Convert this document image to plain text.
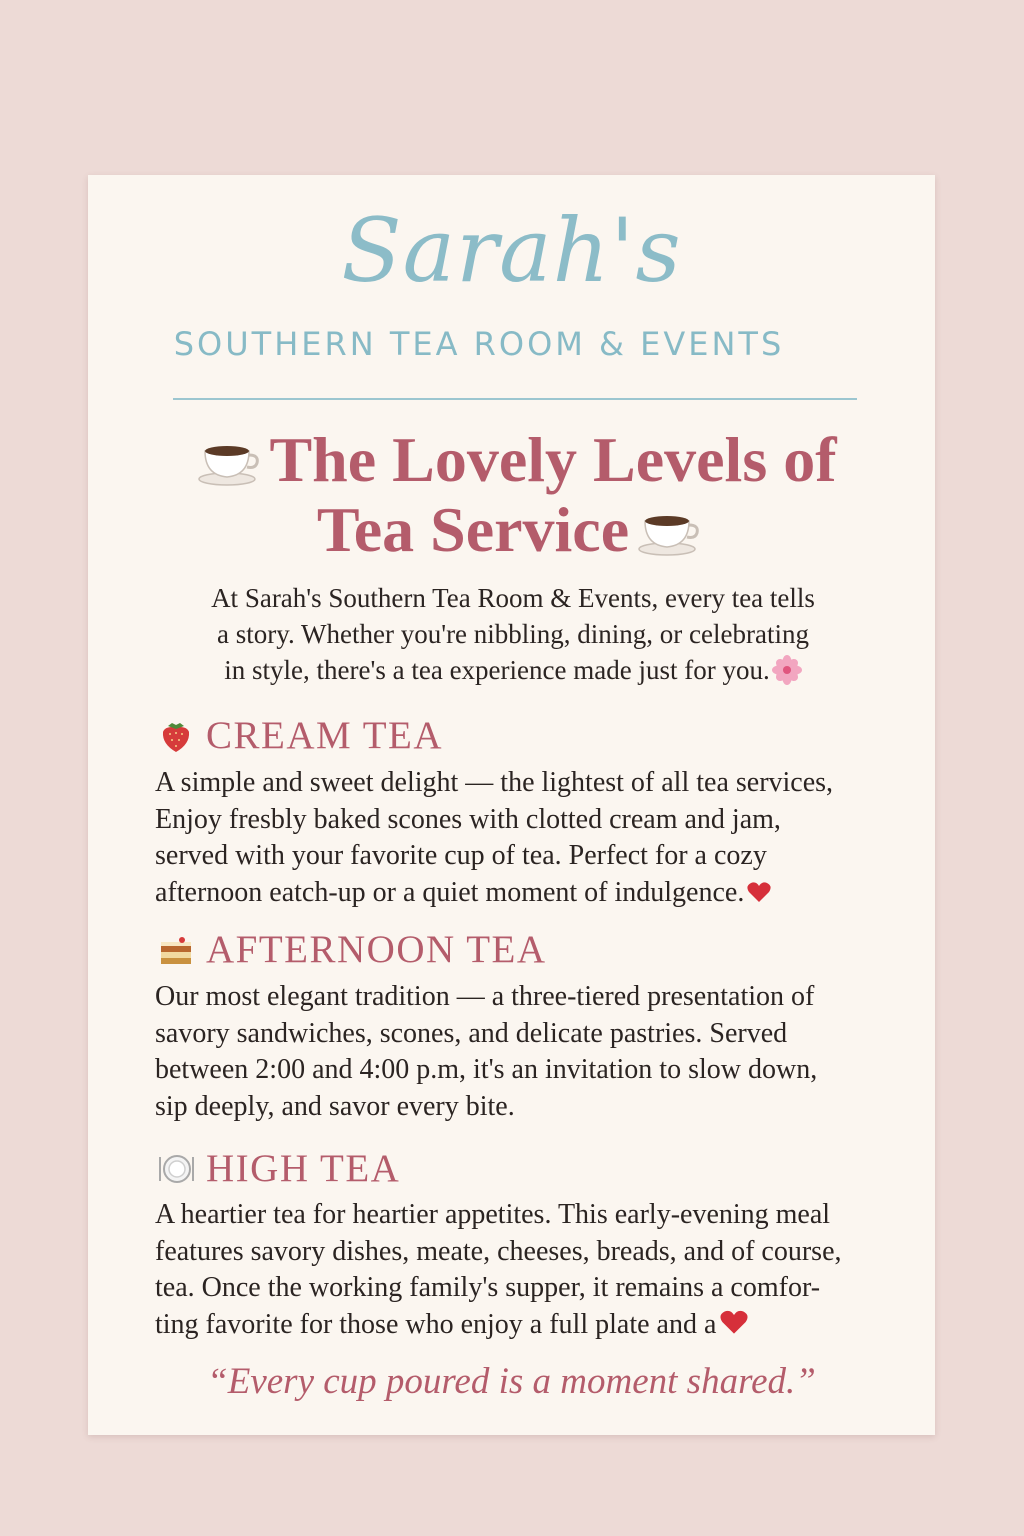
Sarah's
SOUTHERN TEA ROOM & EVENTS
The Lovely Levels of
Tea Service
At Sarah's Southern Tea Room & Events, every tea tells
a story. Whether you're nibbling, dining, or celebrating
in style, there's a tea experience made just for you.
CREAM TEA
A simple and sweet delight — the lightest of all tea services,
Enjoy fresbly baked scones with clotted cream and jam,
served with your favorite cup of tea. Perfect for a cozy
afternoon eatch-up or a quiet moment of indulgence.
AFTERNOON TEA
Our most elegant tradition — a three-tiered presentation of
savory sandwiches, scones, and delicate pastries. Served
between 2:00 and 4:00 p.m, it's an invitation to slow down,
sip deeply, and savor every bite.
HIGH TEA
A heartier tea for heartier appetites. This early-evening meal
features savory dishes, meate, cheeses, breads, and of course,
tea. Once the working family's supper, it remains a comfor-
ting favorite for those who enjoy a full plate and a
“Every cup poured is a moment shared.”
